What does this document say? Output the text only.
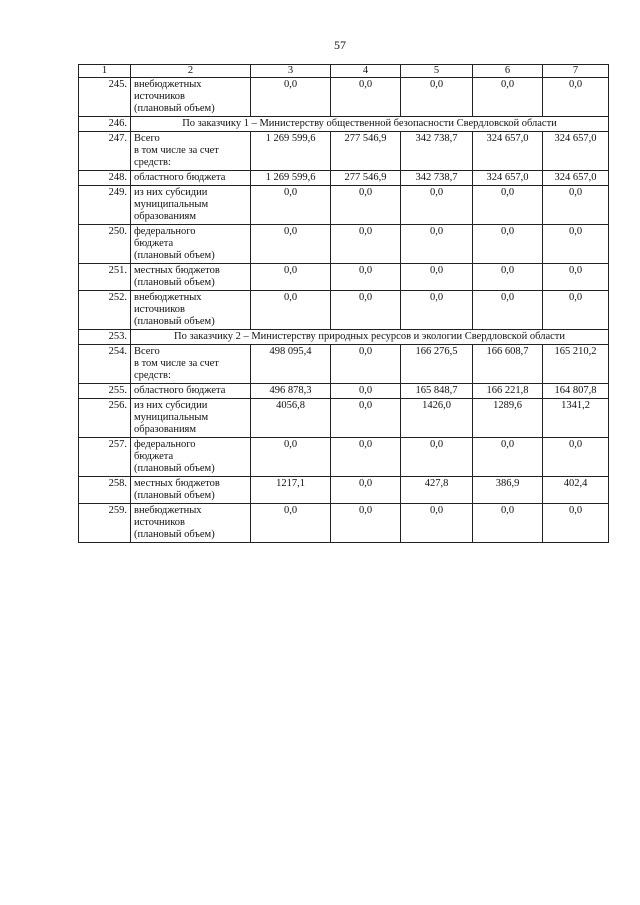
57
1	2	3	4	5	6	7
245.	внебюджетных
источников
(плановый объем)	0,0	0,0	0,0	0,0	0,0
246.	По заказчику 1 – Министерству общественной безопасности Свердловской области					
247.	Всего
в том числе за счет
средств:	1 269 599,6	277 546,9	342 738,7	324 657,0	324 657,0
248.	областного бюджета	1 269 599,6	277 546,9	342 738,7	324 657,0	324 657,0
249.	из них субсидии
муниципальным
образованиям	0,0	0,0	0,0	0,0	0,0
250.	федерального
бюджета
(плановый объем)	0,0	0,0	0,0	0,0	0,0
251.	местных бюджетов
(плановый объем)	0,0	0,0	0,0	0,0	0,0
252.	внебюджетных
источников
(плановый объем)	0,0	0,0	0,0	0,0	0,0
253.	По заказчику 2 – Министерству природных ресурсов и экологии Свердловской области					
254.	Всего
в том числе за счет
средств:	498 095,4	0,0	166 276,5	166 608,7	165 210,2
255.	областного бюджета	496 878,3	0,0	165 848,7	166 221,8	164 807,8
256.	из них субсидии
муниципальным
образованиям	4056,8	0,0	1426,0	1289,6	1341,2
257.	федерального
бюджета
(плановый объем)	0,0	0,0	0,0	0,0	0,0
258.	местных бюджетов
(плановый объем)	1217,1	0,0	427,8	386,9	402,4
259.	внебюджетных
источников
(плановый объем)	0,0	0,0	0,0	0,0	0,0
